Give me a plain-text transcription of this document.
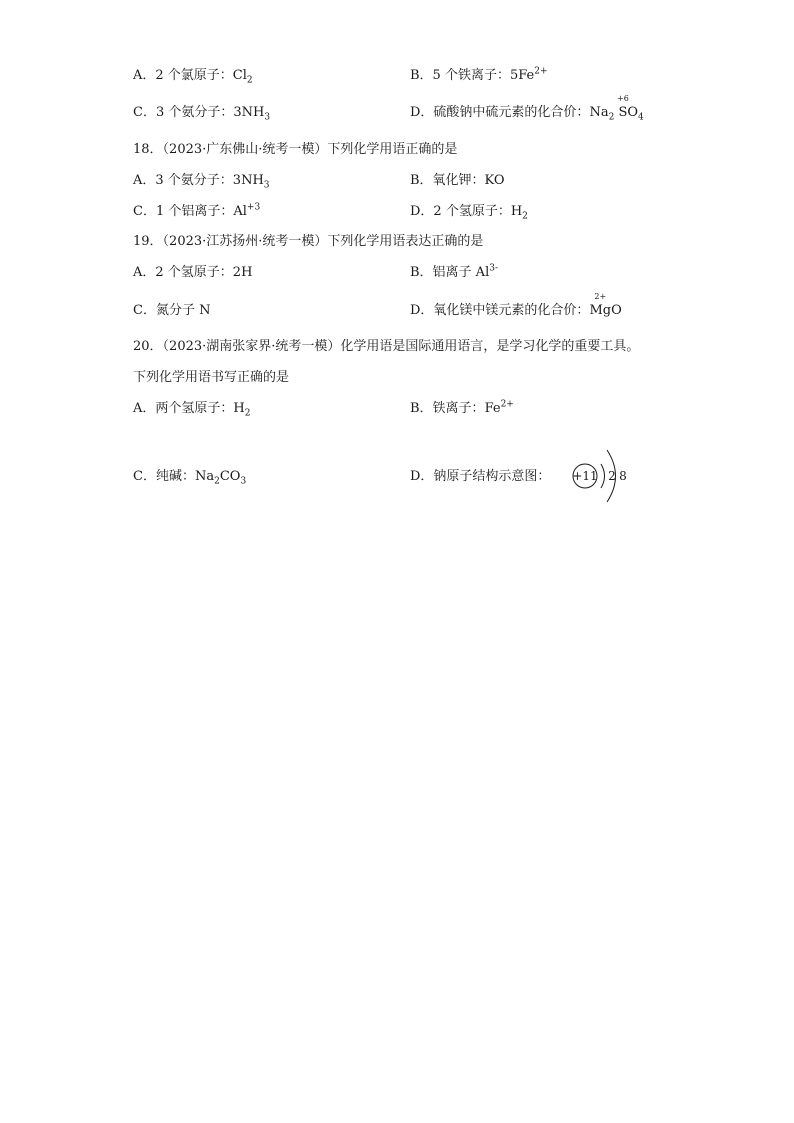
A．2 个氯原子：$Cl_2$	B．5 个铁离子：$5Fe^{2+}$
C．3 个氨分子：$3NH_3$	D．硫酸钠中硫元素的化合价：$Na_2$
+6
$SO_4$
18．（2023·广东佛山·统考一模）下列化学用语正确的是
A．3 个氨分子：$3NH_3$	B．氧化钾：KO
C．1 个铝离子：$Al^{+3}$	D．2 个氢原子：$H_2$
19．（2023·江苏扬州·统考一模）下列化学用语表达正确的是
A．2 个氢原子：2H	B．铝离子 $Al^{3-}$
C．氮分子 N	D．氧化镁中镁元素的化合价：
2+
MgO
20．（2023·湖南张家界·统考一模）化学用语是国际通用语言，是学习化学的重要工具。
下列化学用语书写正确的是
A．两个氢原子：$H_2$	B．铁离子：$Fe^{2+}$
C．纯碱：$Na_2CO_3$	D．钠原子结构示意图： +11 2 8
